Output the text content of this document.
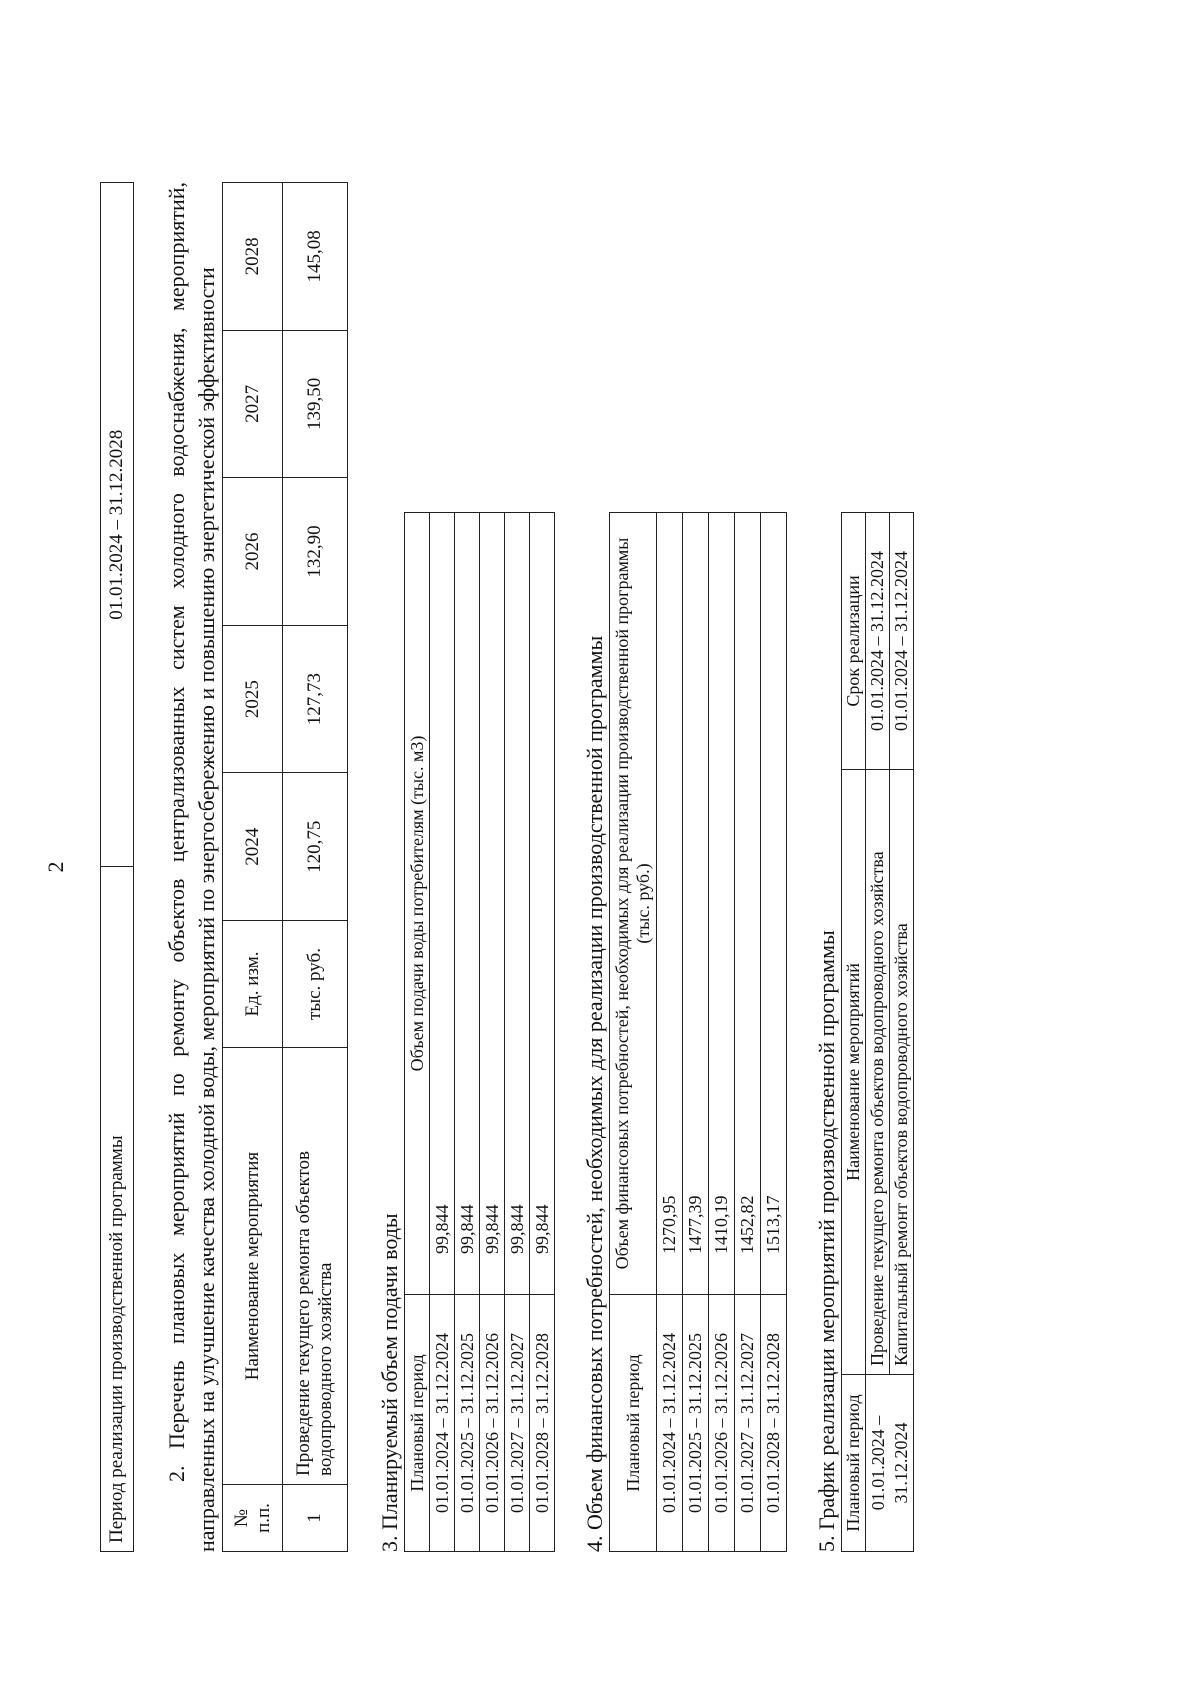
2
Период реализации производственной программы	01.01.2024 – 31.12.2028 2. Перечень плановых мероприятий по ремонту объектов централизованных систем холодного водоснабжения, мероприятий, направленных на улучшение качества холодной воды, мероприятий по энергосбережению и повышению энергетической эффективности № п.п.	Наименование мероприятия	Ед. изм.	2024	2025	2026	2027	2028
1	Проведение текущего ремонта объектов водопроводного хозяйства	тыс. руб.	120,75	127,73	132,90	139,50	145,08
3. Планируемый объем подачи воды Плановый период	Объем подачи воды потребителям (тыс. м3)
01.01.2024 – 31.12.2024	99,844
01.01.2025 – 31.12.2025	99,844
01.01.2026 – 31.12.2026	99,844
01.01.2027 – 31.12.2027	99,844
01.01.2028 – 31.12.2028	99,844 4. Объем финансовых потребностей, необходимых для реализации производственной программы Плановый период	Объем финансовых потребностей, необходимых для реализации производственной программы (тыс. руб.)
01.01.2024 – 31.12.2024	1270,95
01.01.2025 – 31.12.2025	1477,39
01.01.2026 – 31.12.2026	1410,19
01.01.2027 – 31.12.2027	1452,82
01.01.2028 – 31.12.2028	1513,17 5. График реализации мероприятий производственной программы Плановый период	Наименование мероприятий	Срок реализации
01.01.2024 – 31.12.2024	Проведение текущего ремонта объектов водопроводного хозяйства	01.01.2024 – 31.12.2024
	Капитальный ремонт объектов водопроводного хозяйства	01.01.2024 – 31.12.2024
